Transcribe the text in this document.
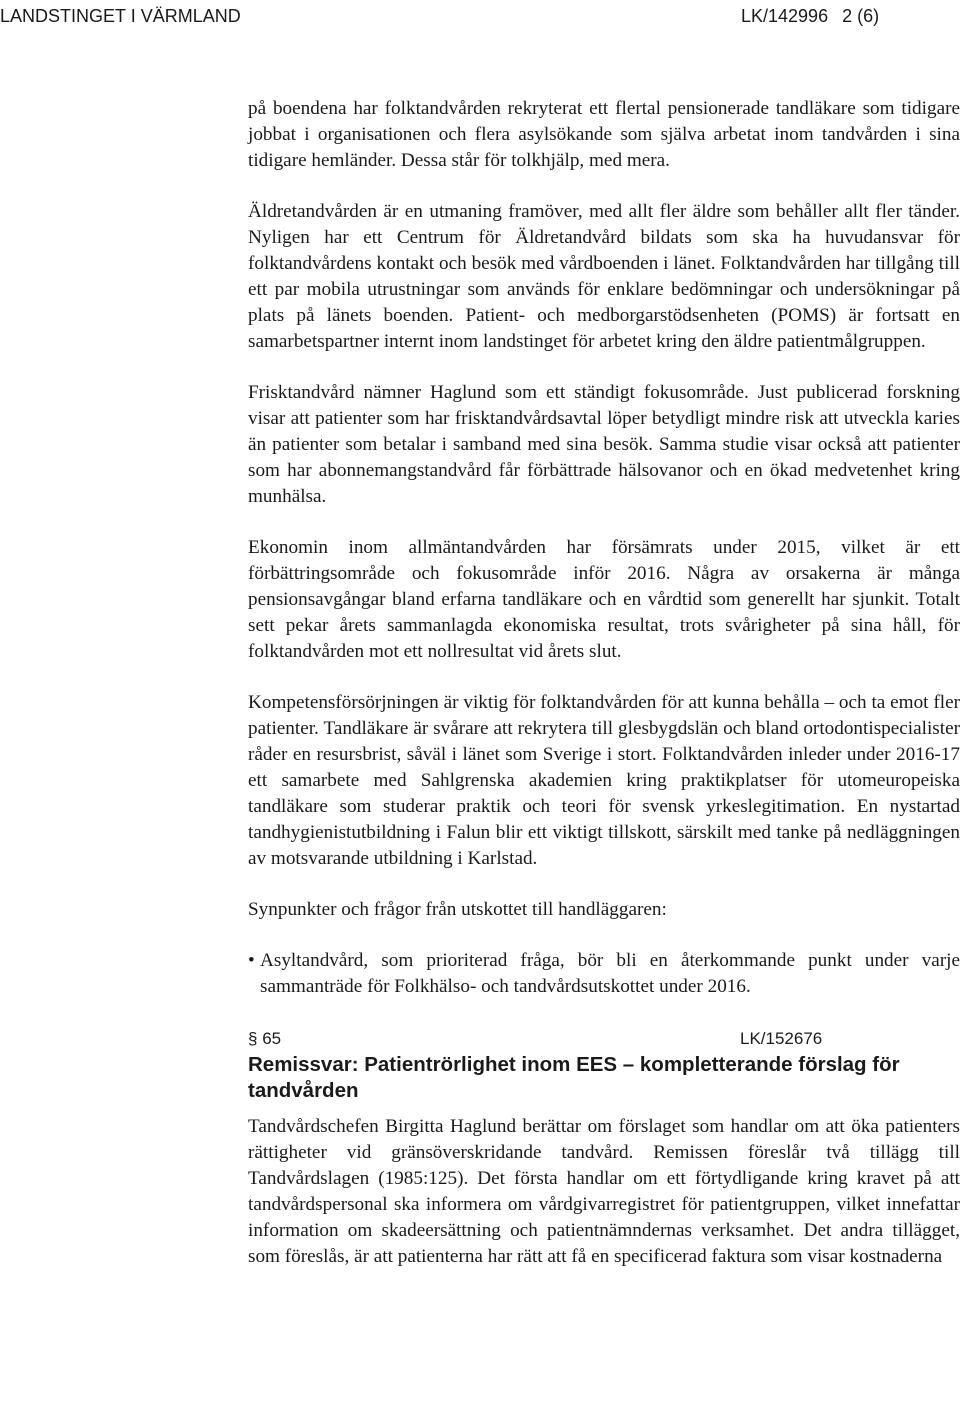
LANDSTINGET I VÄRMLAND	LK/142996 2 (6)

på boendena har folktandvården rekryterat ett flertal pensionerade tandläkare som tidigare jobbat i organisationen och flera asylsökande som själva arbetat inom tandvården i sina tidigare hemländer. Dessa står för tolkhjälp, med mera.

Äldretandvården är en utmaning framöver, med allt fler äldre som behåller allt fler tänder. Nyligen har ett Centrum för Äldretandvård bildats som ska ha huvudansvar för folktandvårdens kontakt och besök med vårdboenden i länet. Folktandvården har tillgång till ett par mobila utrustningar som används för enklare bedömningar och undersökningar på plats på länets boenden. Patient- och medborgarstödsenheten (POMS) är fortsatt en samarbetspartner internt inom landstinget för arbetet kring den äldre patientmålgruppen.

Frisktandvård nämner Haglund som ett ständigt fokusområde. Just publicerad forskning visar att patienter som har frisktandvårdsavtal löper betydligt mindre risk att utveckla karies än patienter som betalar i samband med sina besök. Samma studie visar också att patienter som har abonnemangstandvård får förbättrade hälsovanor och en ökad medvetenhet kring munhälsa.

Ekonomin inom allmäntandvården har försämrats under 2015, vilket är ett förbättringsområde och fokusområde inför 2016. Några av orsakerna är många pensionsavgångar bland erfarna tandläkare och en vårdtid som generellt har sjunkit. Totalt sett pekar årets sammanlagda ekonomiska resultat, trots svårigheter på sina håll, för folktandvården mot ett nollresultat vid årets slut.

Kompetensförsörjningen är viktig för folktandvården för att kunna behålla – och ta emot fler patienter. Tandläkare är svårare att rekrytera till glesbygdslän och bland ortodontispecialister råder en resursbrist, såväl i länet som Sverige i stort. Folktandvården inleder under 2016-17 ett samarbete med Sahlgrenska akademien kring praktikplatser för utomeuropeiska tandläkare som studerar praktik och teori för svensk yrkeslegitimation. En nystartad tandhygienistutbildning i Falun blir ett viktigt tillskott, särskilt med tanke på nedläggningen av motsvarande utbildning i Karlstad.

Synpunkter och frågor från utskottet till handläggaren:

• Asyltandvård, som prioriterad fråga, bör bli en återkommande punkt under varje sammanträde för Folkhälso- och tandvårdsutskottet under 2016.
§ 65	LK/152676
Remissvar: Patientrörlighet inom EES – kompletterande förslag för tandvården

Tandvårdschefen Birgitta Haglund berättar om förslaget som handlar om att öka patienters rättigheter vid gränsöverskridande tandvård. Remissen föreslår två tillägg till Tandvårdslagen (1985:125). Det första handlar om ett förtydligande kring kravet på att tandvårdspersonal ska informera om vårdgivarregistret för patientgruppen, vilket innefattar information om skadeersättning och patientnämndernas verksamhet. Det andra tillägget, som föreslås, är att patienterna har rätt att få en specificerad faktura som visar kostnaderna
